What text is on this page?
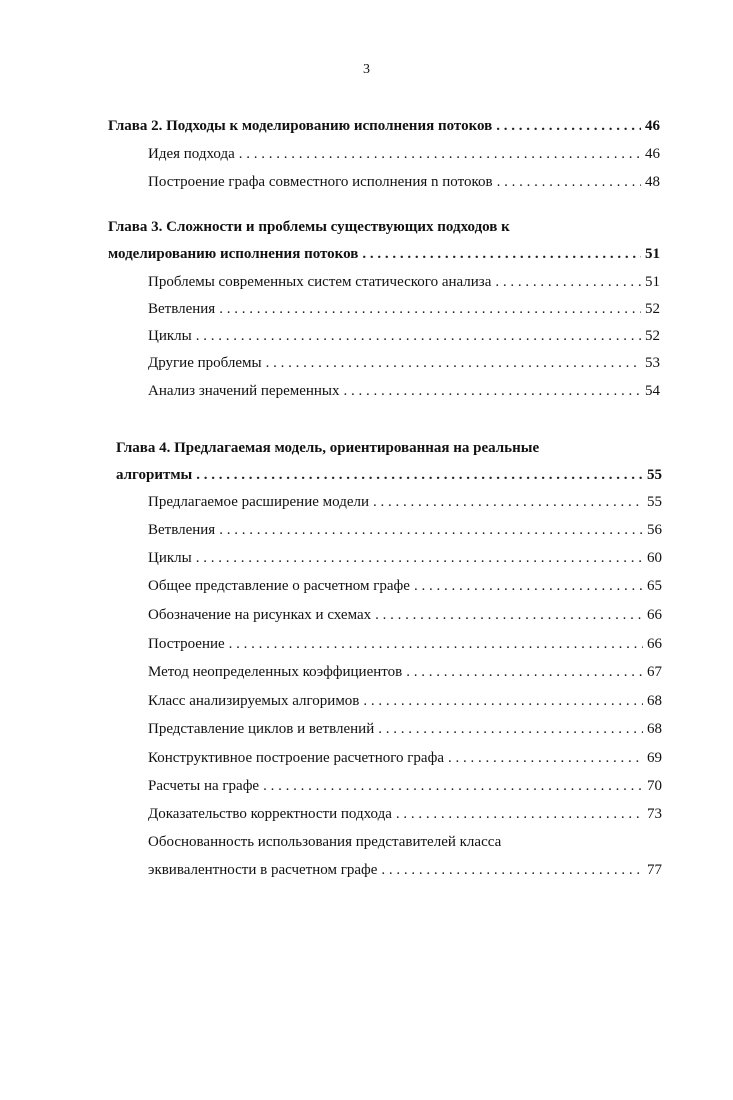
3
Глава 2. Подходы к моделированию исполнения потоков . . .	46
Идея подхода . . .	46
Построение графа совместного исполнения n потоков . . .	48
Глава 3. Сложности и проблемы существующих подходов к
моделированию исполнения потоков . . .	51
Проблемы современных систем статического анализа . . .	51
Ветвления . . .	52
Циклы . . .	52
Другие проблемы . . .	53
Анализ значений переменных . . .	54
Глава 4. Предлагаемая модель, ориентированная на реальные
алгоритмы . . .	55
Предлагаемое расширение модели . . .	55
Ветвления . . .	56
Циклы . . .	60
Общее представление о расчетном графе . . .	65
Обозначение на рисунках и схемах . . .	66
Построение . . .	66
Метод неопределенных коэффициентов . . .	67
Класс анализируемых алгоримов . . .	68
Представление циклов и ветвлений . . .	68
Конструктивное построение расчетного графа . . .	69
Расчеты на графе . . .	70
Доказательство корректности подхода . . .	73
Обоснованность использования представителей класса
эквивалентности в расчетном графе . . .	77
